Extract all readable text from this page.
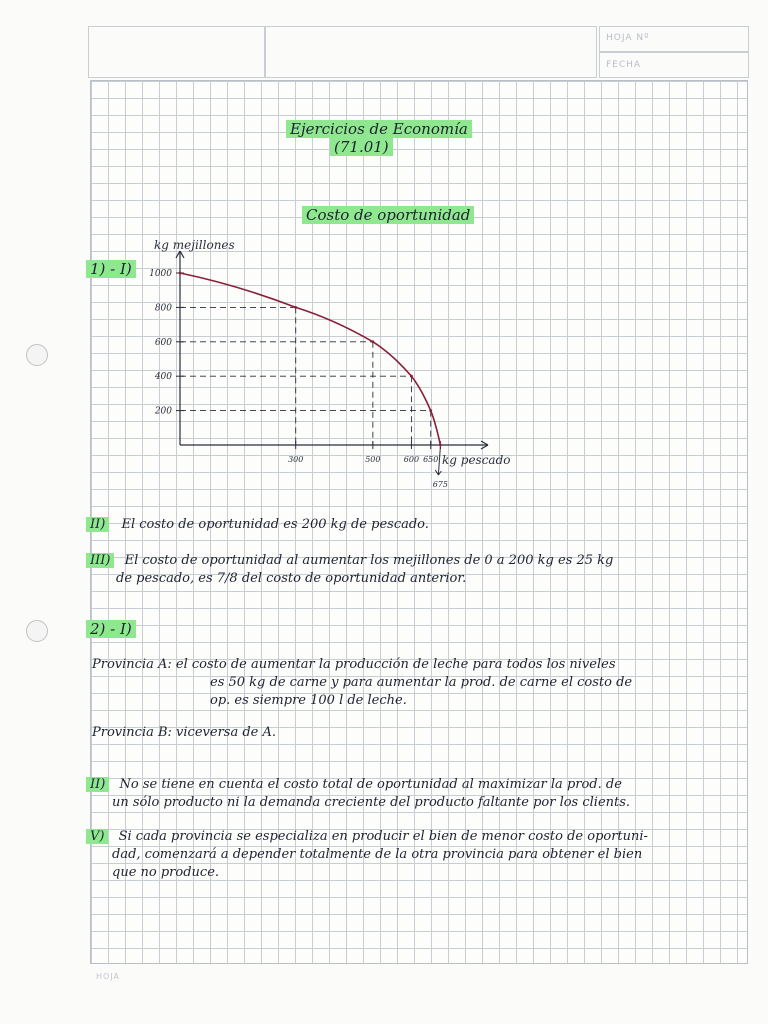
HOJA Nº
FECHA
Ejercicios de Economía
(71.01)
Costo de oportunidad
1) - I)
200
400
600
800
1000
300	500	600 650
675
kg mejillones
kg pescado
II) El costo de oportunidad es 200 kg de pescado.
III) El costo de oportunidad al aumentar los mejillones de 0 a 200 kg es 25 kg
de pescado, es 7/8 del costo de oportunidad anterior.
2) - I)
Provincia A: el costo de aumentar la producción de leche para todos los niveles
es 50 kg de carne y para aumentar la prod. de carne el costo de
op. es siempre 100 l de leche.
Provincia B: viceversa de A.
II) No se tiene en cuenta el costo total de oportunidad al maximizar la prod. de
un sólo producto ni la demanda creciente del producto faltante por los clients.
V) Si cada provincia se especializa en producir el bien de menor costo de oportuni-
dad, comenzará a depender totalmente de la otra provincia para obtener el bien
que no produce.
HOJA
